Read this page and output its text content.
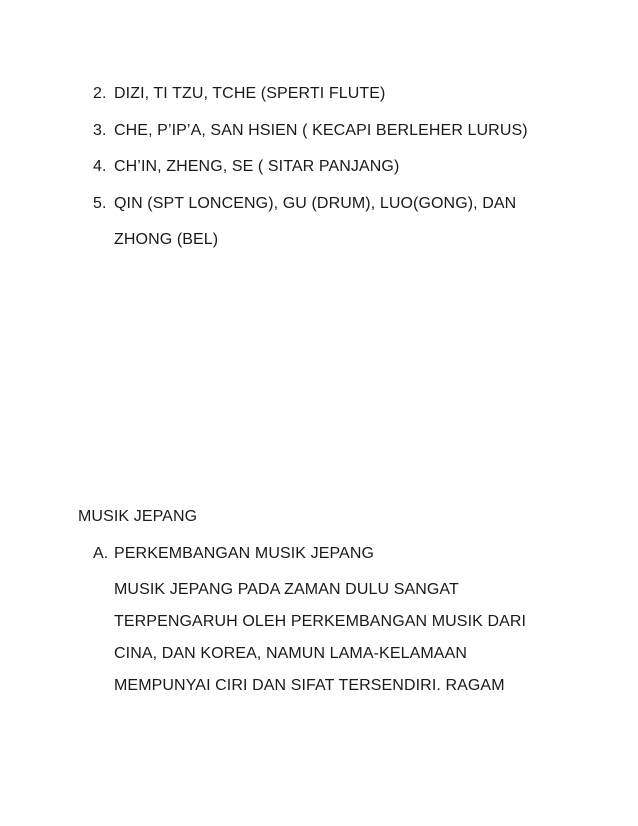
2. DIZI, TI TZU, TCHE (SPERTI FLUTE)
3. CHE, P’IP’A, SAN HSIEN ( KECAPI BERLEHER LURUS)
4. CH’IN, ZHENG, SE ( SITAR PANJANG)
5. QIN (SPT LONCENG), GU (DRUM), LUO(GONG), DAN
ZHONG (BEL)
MUSIK JEPANG
A. PERKEMBANGAN MUSIK JEPANG
MUSIK JEPANG PADA ZAMAN DULU SANGAT
TERPENGARUH OLEH PERKEMBANGAN MUSIK DARI
CINA, DAN KOREA, NAMUN LAMA-KELAMAAN
MEMPUNYAI CIRI DAN SIFAT TERSENDIRI. RAGAM
